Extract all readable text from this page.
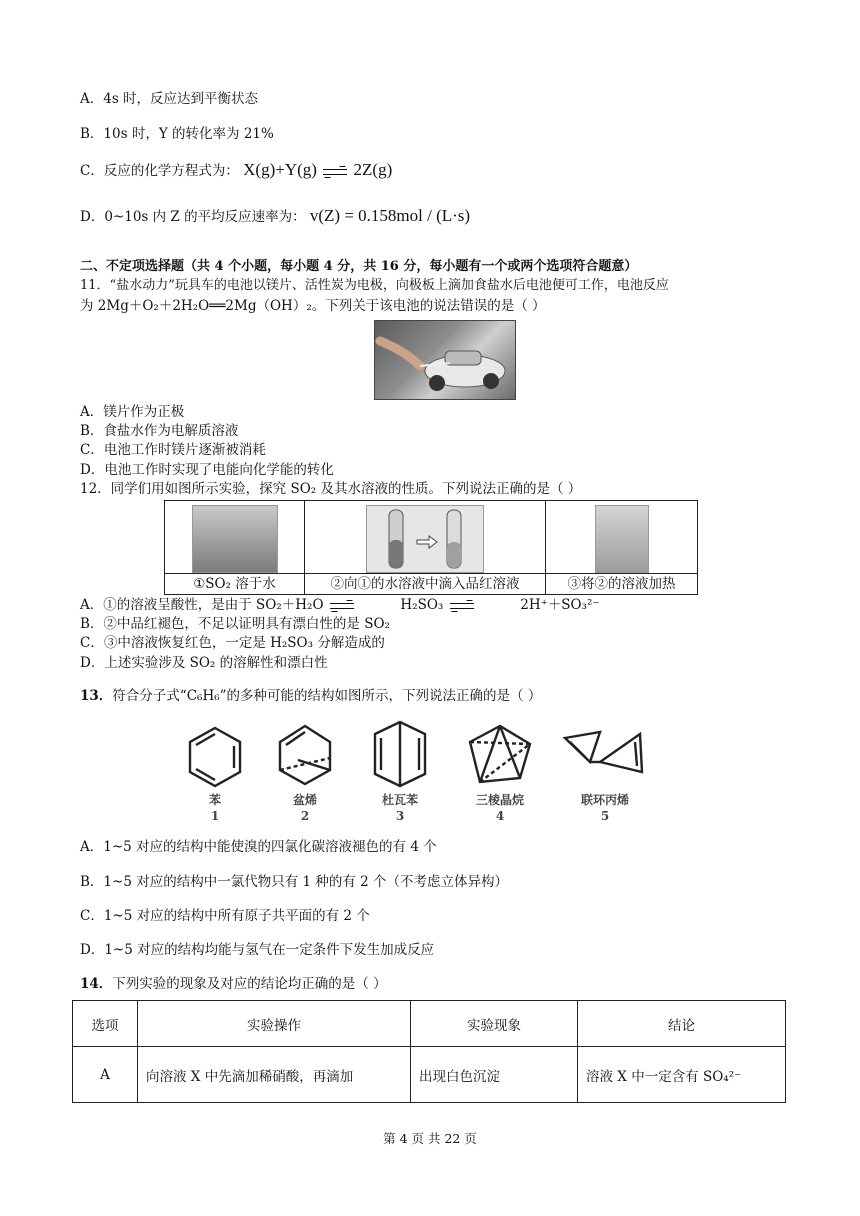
A．4s 时，反应达到平衡状态
B．10s 时，Y 的转化率为 21%
C．反应的化学方程式为： X(g)+Y(g) → 2Z(g)
D．0~10s 内 Z 的平均反应速率为： v(Z) = 0.158mol / (L·s)
二、不定项选择题（共 4 个小题，每小题 4 分，共 16 分，每小题有一个或两个选项符合题意）
11．“盐水动力”玩具车的电池以镁片、活性炭为电极，向极板上滴加食盐水后电池便可工作，电池反应
为 2Mg＋O₂＋2H₂O══2Mg（OH）₂。下列关于该电池的说法错误的是（ ）
A．镁片作为正极
B．食盐水作为电解质溶液
C．电池工作时镁片逐渐被消耗
D．电池工作时实现了电能向化学能的转化
12．同学们用如图所示实验，探究 SO₂ 及其水溶液的性质。下列说法正确的是（ ）
①SO₂ 溶于水	②向①的水溶液中滴入品红溶液	③将②的溶液加热
A．①的溶液呈酸性，是由于 SO₂＋H₂O →	H₂SO₃ →	2H⁺＋SO₃²⁻
B．②中品红褪色，不足以证明具有漂白性的是 SO₂
C．③中溶液恢复红色，一定是 H₂SO₃ 分解造成的
D．上述实验涉及 SO₂ 的溶解性和漂白性
13．符合分子式“C₆H₆”的多种可能的结构如图所示，下列说法正确的是（ ）
苯
1
盆烯
2
杜瓦苯
3
三棱晶烷
4
联环丙烯
5
A．1~5 对应的结构中能使溴的四氯化碳溶液褪色的有 4 个
B．1~5 对应的结构中一氯代物只有 1 种的有 2 个（不考虑立体异构）
C．1~5 对应的结构中所有原子共平面的有 2 个
D．1~5 对应的结构均能与氢气在一定条件下发生加成反应
14．下列实验的现象及对应的结论均正确的是（ ）
选项	实验操作	实验现象	结论
A	向溶液 X 中先滴加稀硝酸，再滴加	出现白色沉淀	溶液 X 中一定含有 SO₄²⁻
第 4 页 共 22 页
